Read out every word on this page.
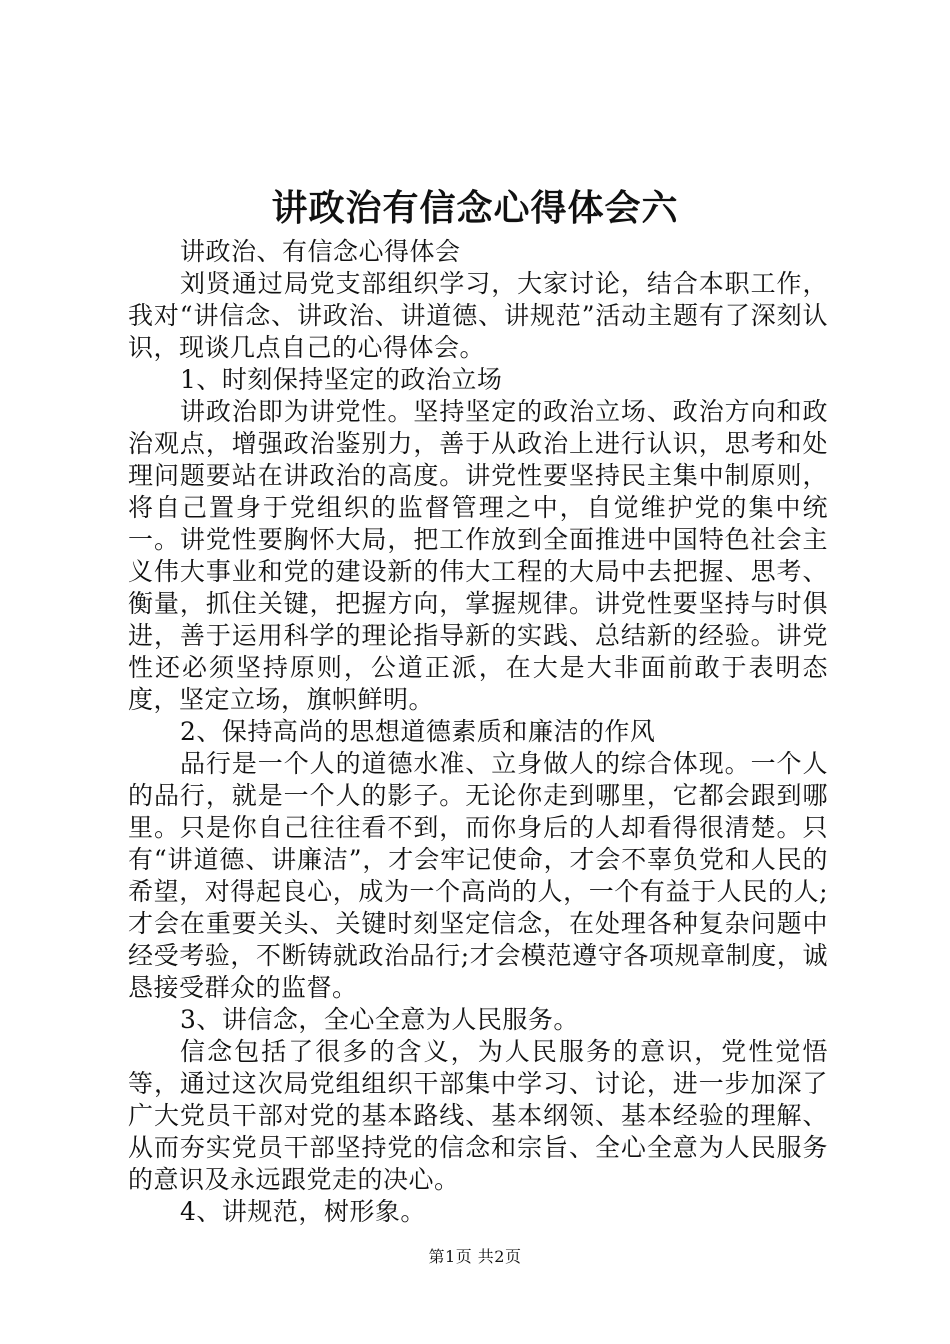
讲政治有信念心得体会六

讲政治、有信念心得体会

刘贤通过局党支部组织学习，大家讨论，结合本职工作，我对“讲信念、讲政治、讲道德、讲规范”活动主题有了深刻认识，现谈几点自己的心得体会。

1、时刻保持坚定的政治立场

讲政治即为讲党性。坚持坚定的政治立场、政治方向和政治观点，增强政治鉴别力，善于从政治上进行认识，思考和处理问题要站在讲政治的高度。讲党性要坚持民主集中制原则，将自己置身于党组织的监督管理之中，自觉维护党的集中统一。讲党性要胸怀大局，把工作放到全面推进中国特色社会主义伟大事业和党的建设新的伟大工程的大局中去把握、思考、衡量，抓住关键，把握方向，掌握规律。讲党性要坚持与时俱进，善于运用科学的理论指导新的实践、总结新的经验。讲党性还必须坚持原则，公道正派，在大是大非面前敢于表明态度，坚定立场，旗帜鲜明。

2、保持高尚的思想道德素质和廉洁的作风

品行是一个人的道德水准、立身做人的综合体现。一个人的品行，就是一个人的影子。无论你走到哪里，它都会跟到哪里。只是你自己往往看不到，而你身后的人却看得很清楚。只有“讲道德、讲廉洁”，才会牢记使命，才会不辜负党和人民的希望，对得起良心，成为一个高尚的人，一个有益于人民的人;才会在重要关头、关键时刻坚定信念，在处理各种复杂问题中经受考验，不断铸就政治品行;才会模范遵守各项规章制度，诚恳接受群众的监督。

3、讲信念，全心全意为人民服务。

信念包括了很多的含义，为人民服务的意识，党性觉悟等，通过这次局党组组织干部集中学习、讨论，进一步加深了广大党员干部对党的基本路线、基本纲领、基本经验的理解、从而夯实党员干部坚持党的信念和宗旨、全心全意为人民服务的意识及永远跟党走的决心。

4、讲规范，树形象。

第1页 共2页
